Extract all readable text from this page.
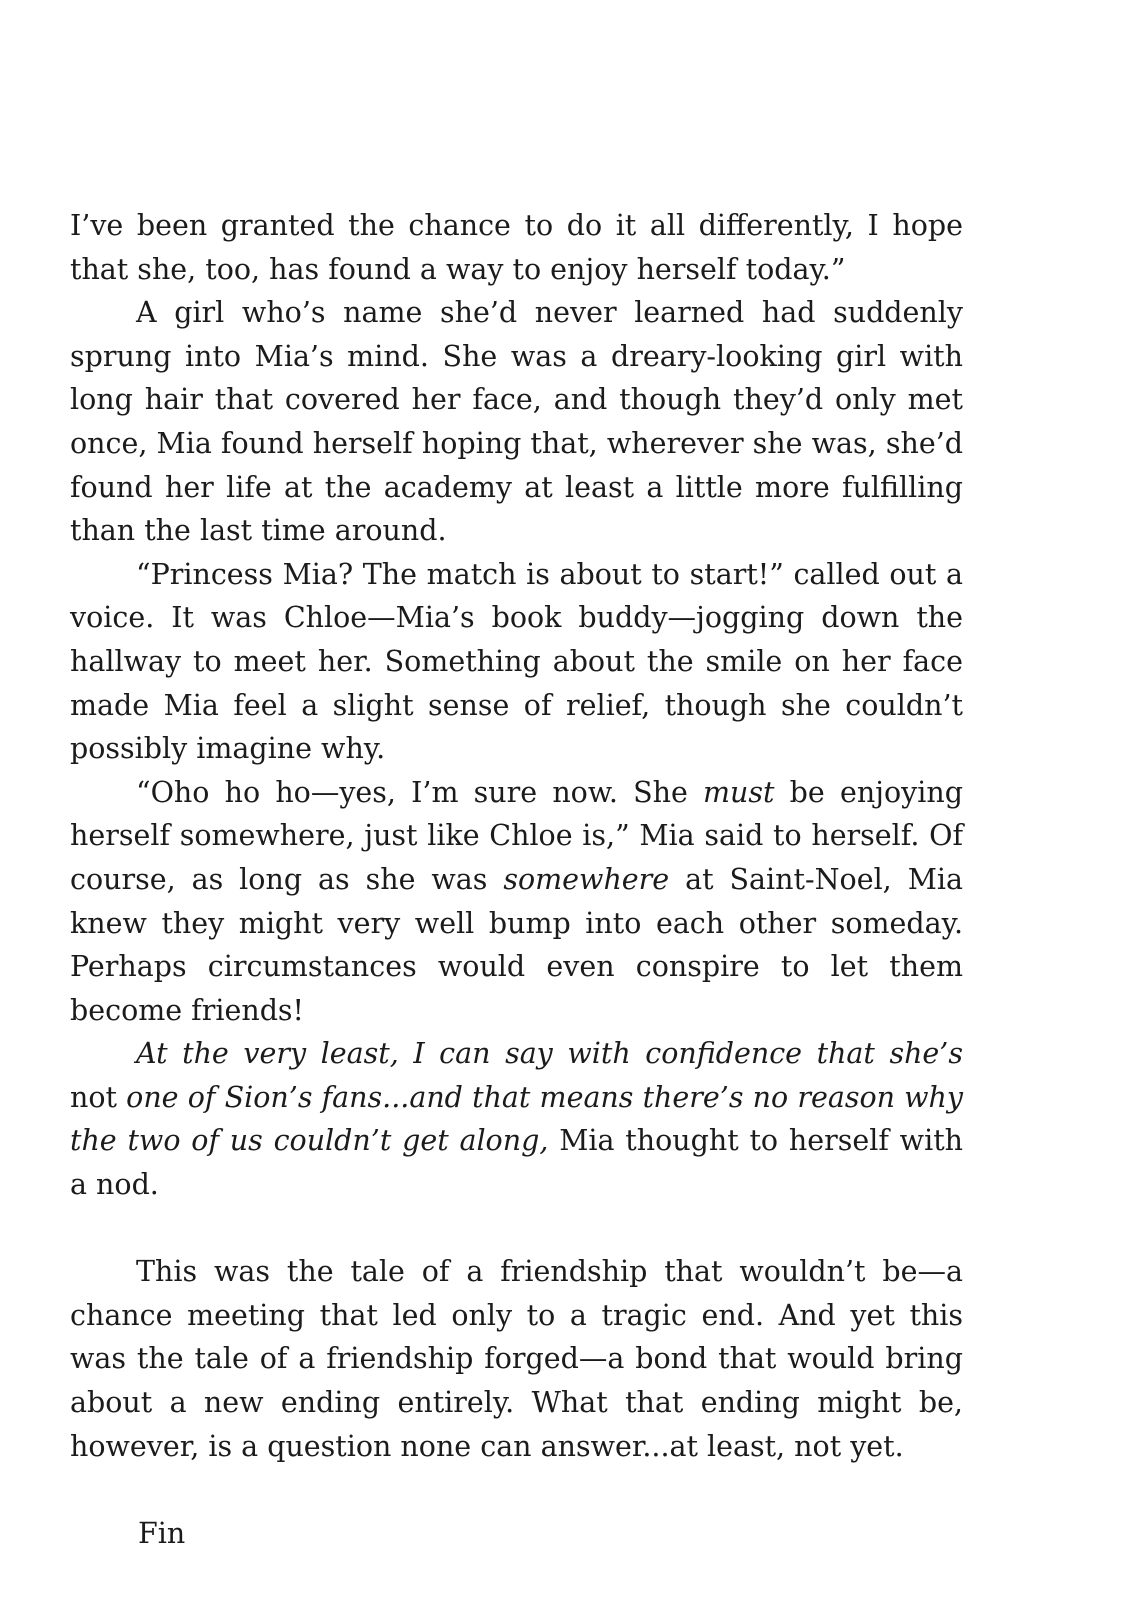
I’ve been granted the chance to do it all differently, I hope that she, too, has found a way to enjoy herself today.”

A girl who’s name she’d never learned had suddenly sprung into Mia’s mind. She was a dreary-looking girl with long hair that covered her face, and though they’d only met once, Mia found herself hoping that, wherever she was, she’d found her life at the academy at least a little more fulfilling than the last time around.

“Princess Mia? The match is about to start!” called out a voice. It was Chloe—Mia’s book buddy—jogging down the hallway to meet her. Something about the smile on her face made Mia feel a slight sense of relief, though she couldn’t possibly imagine why.

“Oho ho ho—yes, I’m sure now. She must be enjoying herself somewhere, just like Chloe is,” Mia said to herself. Of course, as long as she was somewhere at Saint-Noel, Mia knew they might very well bump into each other someday. Perhaps circumstances would even conspire to let them become friends!

At the very least, I can say with confidence that she’s not one of Sion’s fans...and that means there’s no reason why the two of us couldn’t get along, Mia thought to herself with a nod.

This was the tale of a friendship that wouldn’t be—a chance meeting that led only to a tragic end. And yet this was the tale of a friendship forged—a bond that would bring about a new ending entirely. What that ending might be, however, is a question none can answer...at least, not yet.

Fin
